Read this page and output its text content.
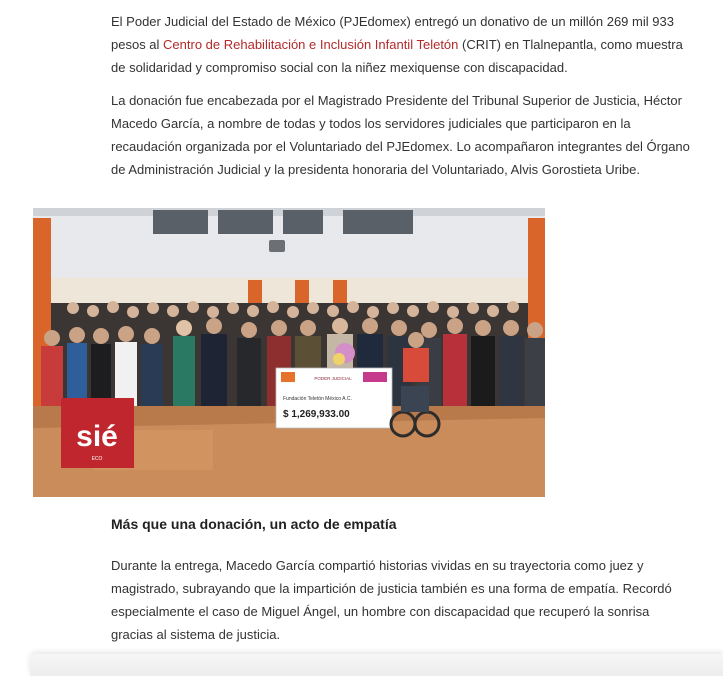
El Poder Judicial del Estado de México (PJEdomex) entregó un donativo de un millón 269 mil 933 pesos al Centro de Rehabilitación e Inclusión Infantil Teletón (CRIT) en Tlalnepantla, como muestra de solidaridad y compromiso social con la niñez mexiquense con discapacidad.

La donación fue encabezada por el Magistrado Presidente del Tribunal Superior de Justicia, Héctor Macedo García, a nombre de todas y todos los servidores judiciales que participaron en la recaudación organizada por el Voluntariado del PJEdomex. Lo acompañaron integrantes del Órgano de Administración Judicial y la presidenta honoraria del Voluntariado, Alvis Gorostieta Uribe.

PODER JUDICIAL
Fundación Teletón México A.C.
$ 1,269,933.00
sié
ECO
Más que una donación, un acto de empatía

Durante la entrega, Macedo García compartió historias vividas en su trayectoria como juez y magistrado, subrayando que la impartición de justicia también es una forma de empatía. Recordó especialmente el caso de Miguel Ángel, un hombre con discapacidad que recuperó la sonrisa gracias al sistema de justicia.
